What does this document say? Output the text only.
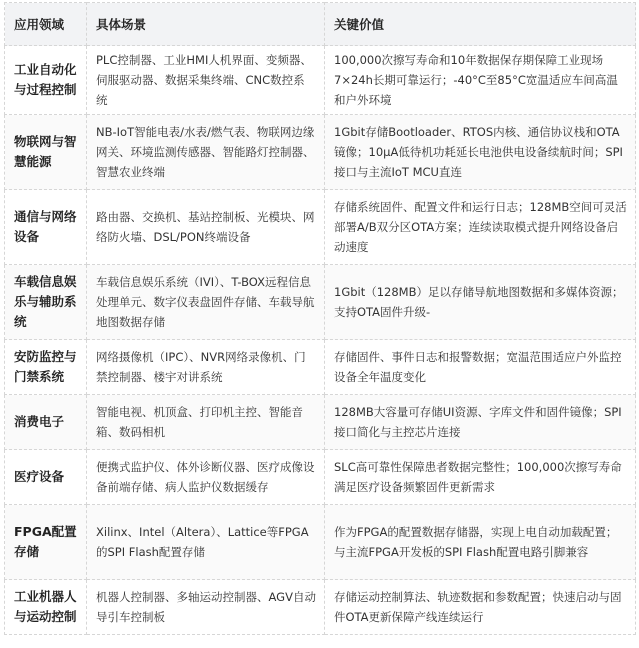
应用领域	具体场景	关键价值
工业自动化与过程控制	PLC控制器、工业HMI人机界面、变频器、伺服驱动器、数据采集终端、CNC数控系统	100,000次擦写寿命和10年数据保存期保障工业现场7×24h长期可靠运行；-40°C至85°C宽温适应车间高温和户外环境
物联网与智慧能源	NB-IoT智能电表/水表/燃气表、物联网边缘网关、环境监测传感器、智能路灯控制器、智慧农业终端	1Gbit存储Bootloader、RTOS内核、通信协议栈和OTA镜像；10μA低待机功耗延长电池供电设备续航时间；SPI接口与主流IoT MCU直连
通信与网络设备	路由器、交换机、基站控制板、光模块、网络防火墙、DSL/PON终端设备	存储系统固件、配置文件和运行日志；128MB空间可灵活部署A/B双分区OTA方案；连续读取模式提升网络设备启动速度
车载信息娱乐与辅助系统	车载信息娱乐系统（IVI）、T-BOX远程信息处理单元、数字仪表盘固件存储、车载导航地图数据存储	1Gbit（128MB）足以存储导航地图数据和多媒体资源；支持OTA固件升级-
安防监控与门禁系统	网络摄像机（IPC）、NVR网络录像机、门禁控制器、楼宇对讲系统	存储固件、事件日志和报警数据；宽温范围适应户外监控设备全年温度变化
消费电子	智能电视、机顶盒、打印机主控、智能音箱、数码相机	128MB大容量可存储UI资源、字库文件和固件镜像；SPI接口简化与主控芯片连接
医疗设备	便携式监护仪、体外诊断仪器、医疗成像设备前端存储、病人监护仪数据缓存	SLC高可靠性保障患者数据完整性；100,000次擦写寿命满足医疗设备频繁固件更新需求
FPGA配置存储	Xilinx、Intel（Altera）、Lattice等FPGA的SPI Flash配置存储	作为FPGA的配置数据存储器，实现上电自动加载配置；与主流FPGA开发板的SPI Flash配置电路引脚兼容
工业机器人与运动控制	机器人控制器、多轴运动控制器、AGV自动导引车控制板	存储运动控制算法、轨迹数据和参数配置；快速启动与固件OTA更新保障产线连续运行
